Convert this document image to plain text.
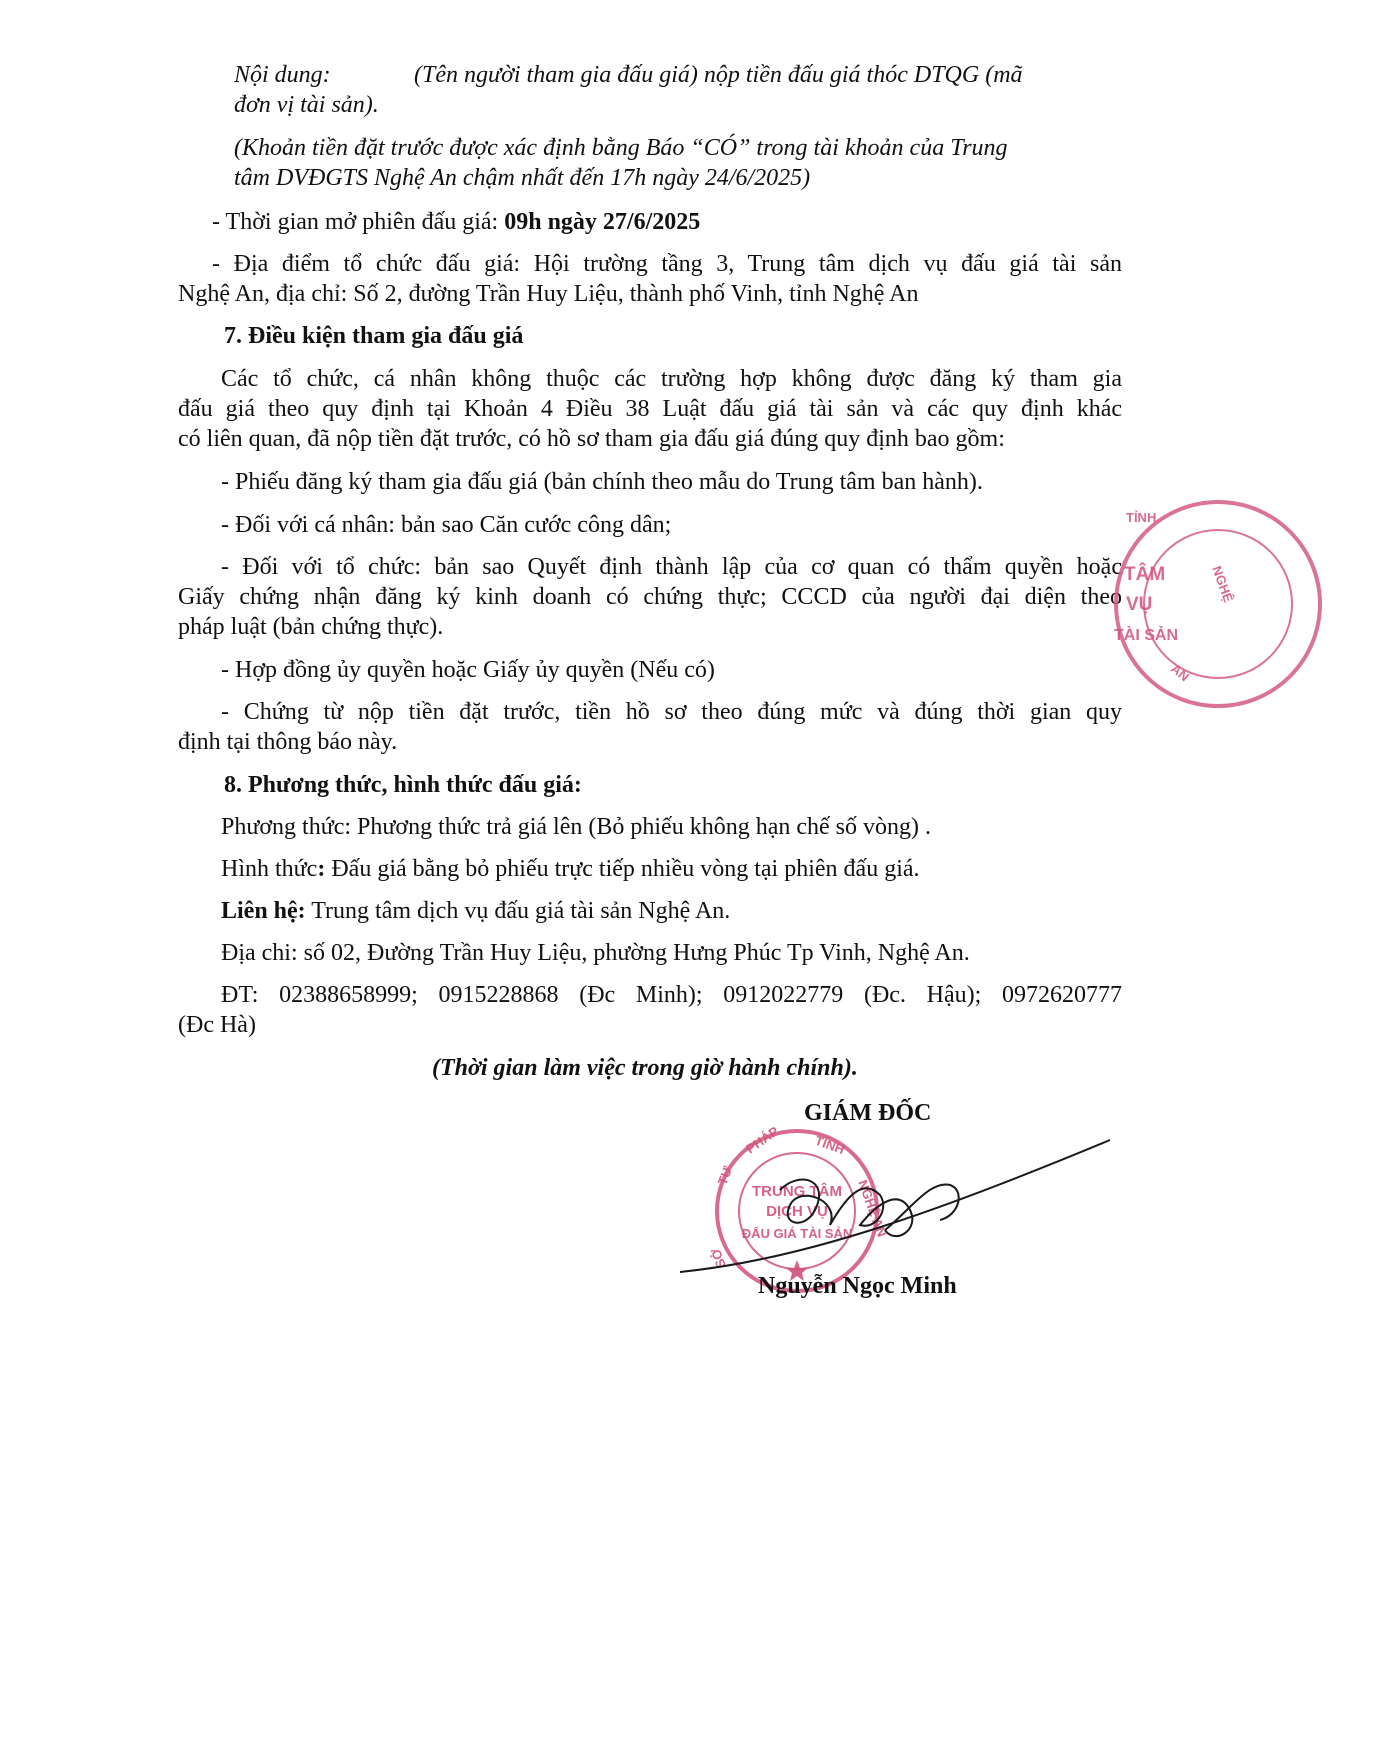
Nội dung:	(Tên người tham gia đấu giá) nộp tiền đấu giá thóc DTQG (mã
đơn vị tài sản).
(Khoản tiền đặt trước được xác định bằng Báo “CÓ” trong tài khoản của Trung
tâm DVĐGTS Nghệ An chậm nhất đến 17h ngày 24/6/2025)
- Thời gian mở phiên đấu giá: 09h ngày 27/6/2025
- Địa điểm tổ chức đấu giá: Hội trường tầng 3, Trung tâm dịch vụ đấu giá tài sản
Nghệ An, địa chỉ: Số 2, đường Trần Huy Liệu, thành phố Vinh, tỉnh Nghệ An
7. Điều kiện tham gia đấu giá
Các tổ chức, cá nhân không thuộc các trường hợp không được đăng ký tham gia
đấu giá theo quy định tại Khoản 4 Điều 38 Luật đấu giá tài sản và các quy định khác
có liên quan, đã nộp tiền đặt trước, có hồ sơ tham gia đấu giá đúng quy định bao gồm:
- Phiếu đăng ký tham gia đấu giá (bản chính theo mẫu do Trung tâm ban hành).
- Đối với cá nhân: bản sao Căn cước công dân;
- Đối với tổ chức: bản sao Quyết định thành lập của cơ quan có thẩm quyền hoặc
Giấy chứng nhận đăng ký kinh doanh có chứng thực; CCCD của người đại diện theo
pháp luật (bản chứng thực).
- Hợp đồng ủy quyền hoặc Giấy ủy quyền (Nếu có)
- Chứng từ nộp tiền đặt trước, tiền hồ sơ theo đúng mức và đúng thời gian quy
định tại thông báo này.
8. Phương thức, hình thức đấu giá:
Phương thức: Phương thức trả giá lên (Bỏ phiếu không hạn chế số vòng) .
Hình thức: Đấu giá bằng bỏ phiếu trực tiếp nhiều vòng tại phiên đấu giá.
Liên hệ: Trung tâm dịch vụ đấu giá tài sản Nghệ An.
Địa chi: số 02, Đường Trần Huy Liệu, phường Hưng Phúc Tp Vinh, Nghệ An.
ĐT: 02388658999; 0915228868 (Đc Minh); 0912022779 (Đc. Hậu); 0972620777
(Đc Hà)
(Thời gian làm việc trong giờ hành chính).
GIÁM ĐỐC
TƯ
PHÁP TỈNH
NGHỆ AN
SỞ
TRUNG TÂM
DỊCH VỤ
ĐẤU GIÁ TÀI SẢN
Nguyễn Ngọc Minh
TỈNH
NGHỆ
TÂM
VỤ
TÀI SẢN
AN
